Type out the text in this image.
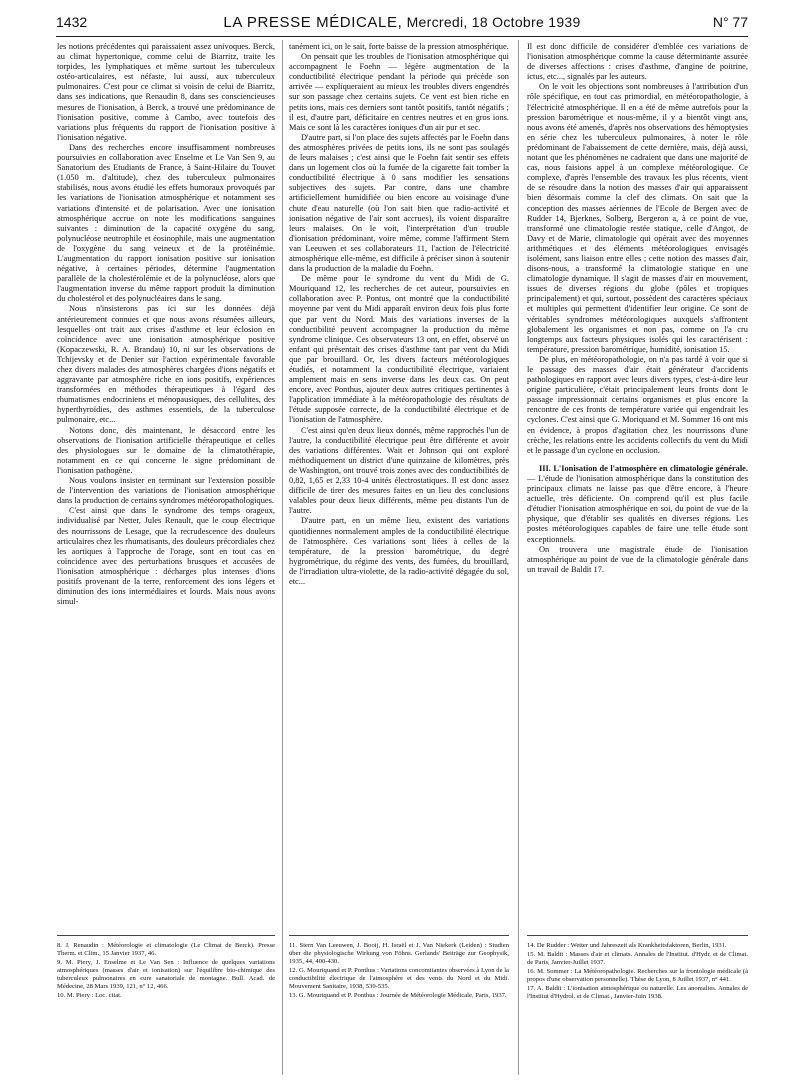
1432	LA PRESSE MÉDICALE, Mercredi, 18 Octobre 1939	N° 77

les notions précédentes qui paraissaient assez univoques. Berck, au climat hypertonique, comme celui de Biarritz, traite les torpides, les lymphatiques et même surtout les tuberculeux ostéo-articulaires, est néfaste, lui aussi, aux tuberculeux pulmonaires. C'est pour ce climat si voisin de celui de Biarritz, dans ses indications, que Renaudin 8, dans ses consciencieuses mesures de l'ionisation, à Berck, a trouvé une prédominance de l'ionisation positive, comme à Cambo, avec toutefois des variations plus fréquents du rapport de l'ionisation positive à l'ionisation négative.

Dans des recherches encore insuffisamment nombreuses poursuivies en collaboration avec Enselme et Le Van Sen 9, au Sanatorium des Etudiants de France, à Saint-Hilaire du Touvet (1.050 m. d'altitude), chez des tuberculeux pulmonaires stabilisés, nous avons étudié les effets humoraux provoqués par les variations de l'ionisation atmosphérique et notamment ses variations d'intensité et de polarisation. Avec une ionisation atmosphérique accrue on note les modifications sanguines suivantes : diminution de la capacité oxygène du sang, polynucléose neutrophile et éosinophile, mais une augmentation de l'oxygène du sang veineux et de la protéinémie. L'augmentation du rapport ionisation positive sur ionisation négative, à certaines périodes, détermine l'augmentation parallèle de la cholestérolémie et de la polynucléose, alors que l'augmentation inverse du même rapport produit la diminution du cholestérol et des polynucléaires dans le sang.

Nous n'insisterons pas ici sur les données déjà antérieurement connues et que nous avons résumées ailleurs, lesquelles ont trait aux crises d'asthme et leur éclosion en coïncidence avec une ionisation atmosphérique positive (Kopaczewski, R. A. Brandau) 10, ni sur les observations de Tchijevsky et de Denier sur l'action expérimentale favorable chez divers malades des atmosphères chargées d'ions négatifs et aggravante par atmosphère riche en ions positifs, expériences transformées en méthodes thérapeutiques à l'égard des rhumatismes endocriniens et ménopausiques, des cellulites, des hyperthyroïdies, des asthmes essentiels, de la tuberculose pulmonaire, etc...

Notons donc, dès maintenant, le désaccord entre les observations de l'ionisation artificielle thérapeutique et celles des physiologues sur le domaine de la climatothérapie, notamment en ce qui concerne le signe prédominant de l'ionisation pathogène.

Nous voulons insister en terminant sur l'extension possible de l'intervention des variations de l'ionisation atmosphérique dans la production de certains syndromes météoropathologiques.

C'est ainsi que dans le syndrome des temps orageux, individualisé par Netter, Jules Renault, que le coup électrique des nourrissons de Lesage, que la recrudescence des douleurs articulaires chez les rhumatisants, des douleurs précordiales chez les aortiques à l'approche de l'orage, sont en tout cas en coïncidence avec des perturbations brusques et accusées de l'ionisation atmosphérique : décharges plus intenses d'ions positifs provenant de la terre, renforcement des ions légers et diminution des ions intermédiaires et lourds. Mais nous avons simul-

tanément ici, on le sait, forte baisse de la pression atmosphérique.

On pensait que les troubles de l'ionisation atmosphérique qui accompagnent le Foehn — légère augmentation de la conductibilité électrique pendant la période qui précède son arrivée — expliqueraient au mieux les troubles divers engendrés sur son passage chez certains sujets. Ce vent est bien riche en petits ions, mais ces derniers sont tantôt positifs, tantôt négatifs ; il est, d'autre part, déficitaire en centres neutres et en gros ions. Mais ce sont là les caractères ioniques d'un air pur et sec.

D'autre part, si l'on place des sujets affectés par le Foehn dans des atmosphères privées de petits ions, ils ne sont pas soulagés de leurs malaises ; c'est ainsi que le Foehn fait sentir ses effets dans un logement clos où la fumée de la cigarette fait tomber la conductibilité électrique à 0 sans modifier les sensations subjectives des sujets. Par contre, dans une chambre artificiellement humidifiée ou bien encore au voisinage d'une chute d'eau naturelle (où l'on sait bien que radio-activité et ionisation négative de l'air sont accrues), ils voient disparaître leurs malaises. On le voit, l'interprétation d'un trouble d'ionisation prédominant, voire même, comme l'affirment Stern van Leeuwen et ses collaborateurs 11, l'action de l'électricité atmosphérique elle-même, est difficile à préciser sinon à soutenir dans la production de la maladie du Foehn.

De même pour le syndrome du vent du Midi de G. Mouriquand 12, les recherches de cet auteur, poursuivies en collaboration avec P. Pontus, ont montré que la conductibilité moyenne par vent du Midi apparaît environ deux fois plus forte que par vent du Nord. Mais des variations inverses de la conductibilité peuvent accompagner la production du même syndrome clinique. Ces observateurs 13 ont, en effet, observé un enfant qui présentait des crises d'asthme tant par vent du Midi que par brouillard. Or, les divers facteurs météorologiques étudiés, et notamment la conductibilité électrique, variaient amplement mais en sens inverse dans les deux cas. On peut encore, avec Ponthus, ajouter deux autres critiques pertinentes à l'application immédiate à la météoropathologie des résultats de l'étude supposée correcte, de la conductibilité électrique et de l'ionisation de l'atmosphère.

C'est ainsi qu'en deux lieux donnés, même rapprochés l'un de l'autre, la conductibilité électrique peut être différente et avoir des variations différentes. Wait et Johnson qui ont exploré méthodiquement un district d'une quinzaine de kilomètres, près de Washington, ont trouvé trois zones avec des conductibilités de 0,82, 1,65 et 2,33 10-4 unités électrostatiques. Il est donc assez difficile de tirer des mesures faites en un lieu des conclusions valables pour deux lieux différents, même peu distants l'un de l'autre.

D'autre part, en un même lieu, existent des variations quotidiennes normalement amples de la conductibilité électrique de l'atmosphère. Ces variations sont liées à celles de la température, de la pression barométrique, du degré hygrométrique, du régime des vents, des fumées, du brouillard, de l'irradiation ultra-violette, de la radio-activité dégagée du sol, etc...

Il est donc difficile de considérer d'emblée ces variations de l'ionisation atmosphérique comme la cause déterminante assurée de diverses affections : crises d'asthme, d'angine de poitrine, ictus, etc..., signalés par les auteurs.

On le voit les objections sont nombreuses à l'attribution d'un rôle spécifique, en tout cas primordial, en météoropathologie, à l'électricité atmosphérique. Il en a été de même autrefois pour la pression barométrique et nous-même, il y a bientôt vingt ans, nous avons été amenés, d'après nos observations des hémoptysies en série chez les tuberculeux pulmonaires, à noter le rôle prédominant de l'abaissement de cette dernière, mais, déjà aussi, notant que les phénomènes ne cadraient que dans une majorité de cas, nous faisions appel à un complexe météorologique. Ce complexe, d'après l'ensemble des travaux les plus récents, vient de se résoudre dans la notion des masses d'air qui apparaissent bien désormais comme la clef des climats. On sait que la conception des masses aériennes de l'Ecole de Bergen avec de Rudder 14, Bjerknes, Solberg, Bergeron a, à ce point de vue, transformé une climatologie restée statique, celle d'Angot, de Davy et de Marie, climatologie qui opérait avec des moyennes arithmétiques et des éléments météorologiques envisagés isolément, sans liaison entre elles ; cette notion des masses d'air, disons-nous, a transformé la climatologie statique en une climatologie dynamique. Il s'agit de masses d'air en mouvement, issues de diverses régions du globe (pôles et tropiques principalement) et qui, surtout, possèdent des caractères spéciaux et multiples qui permettent d'identifier leur origine. Ce sont de véritables syndromes météorologiques auxquels s'affrontent globalement les organismes et non pas, comme on l'a cru longtemps aux facteurs physiques isolés qui les caractérisent : température, pression barométrique, humidité, ionisation 15.

De plus, en météoropathologie, on n'a pas tardé à voir que si le passage des masses d'air était générateur d'accidents pathologiques en rapport avec leurs divers types, c'est-à-dire leur origine particulière, c'était principalement leurs fronts dont le passage impressionnait certains organismes et plus encore la rencontre de ces fronts de température variée qui engendrait les cyclones. C'est ainsi que G. Moriquand et M. Sommer 16 ont mis en évidence, à propos d'agitation chez les nourrissons d'une crèche, les relations entre les accidents collectifs du vent du Midi et le passage d'un cyclone en occlusion.

III. L'Ionisation de l'atmosphère en climatologie générale. — L'étude de l'ionisation atmosphérique dans la constitution des principaux climats ne laisse pas que d'être encore, à l'heure actuelle, très déficiente. On comprend qu'il est plus facile d'étudier l'ionisation atmosphérique en soi, du point de vue de la physique, que d'établir ses qualités en diverses régions. Les postes météorologiques capables de faire une telle étude sont exceptionnels.

On trouvera une magistrale étude de l'ionisation atmosphérique au point de vue de la climatologie générale dans un travail de Baldit 17.

8. J. Renaudin : Météorologie et climatologie (Le Climat de Berck). Presse Therm. et Clim., 15 Janvier 1937, 46.
9. M. Piery, J. Enselme et Le Van Sen : Influence de quelques variations atmosphériques (masses d'air et ionisation) sur l'équilibre bio-chimique des tuberculeux pulmonaires en cure sanatoriale de montagne. Bull. Acad. de Médecine, 28 Mars 1939, 121, n° 12, 466.
10. M. Piery : Loc. citat.
11. Stern Van Leeuwen, J. Booij, H. Israël et J. Van Niekerk (Leiden) : Studien über die physiologische Wirkung von Föhns. Gerlands' Beiträge zur Geophysik, 1935, 44, 400-430.
12. G. Mouriquand et P. Ponthus : Variations concomitantes observées à Lyon de la conductibilité électrique de l'atmosphère et des vents du Nord et du Midi. Mouvement Sanitaire, 1938, 530-535.
13. G. Mouriquand et P. Ponthus : Journée de Météorologie Médicale, Paris, 1937.
14. De Rudder : Wetter und Jahreszeit als Krankheitsfaktoren, Berlin, 1931.
15. M. Baldit : Masses d'air et climats. Annales de l'Institut. d'Hydr. et de Climat. de Paris, Janvier-Juillet 1937.
16. M. Sommer : La Météoropathologie. Recherches sur la frontologie médicale (à propos d'une observation personnelle). Thèse de Lyon, 8 Juillet 1937, n° 441.
17. A. Baldit : L'ionisation atmosphérique ou naturelle. Les anomalies. Annales de l'Institut d'Hydrol. et de Climat., Janvier-Juin 1938.
